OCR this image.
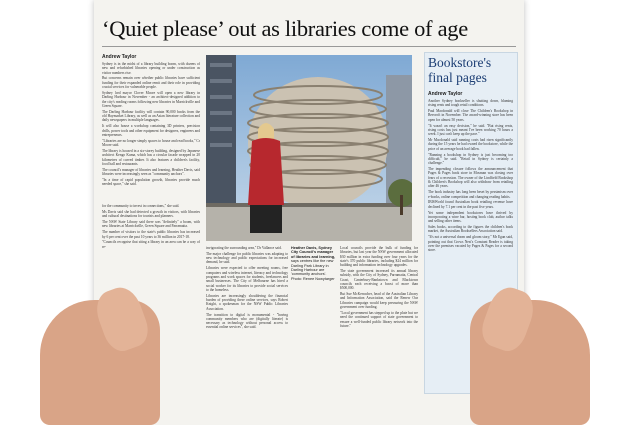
‘Quiet please’ out as libraries come of age
Andrew Taylor

Sydney is in the midst of a library building boom, with dozens of new and refurbished libraries opening or under construction as visitor numbers rise.

But concerns remain over whether public libraries have sufficient funding for their expanded online remit and their role in providing crucial services for vulnerable people.

Sydney lord mayor Clover Moore will open a new library in Darling Harbour in November - an architect-designed addition to the city's reading rooms following new libraries in Marrickville and Green Square.

The Darling Harbour facility will contain 90,000 books from the old Haymarket Library, as well as an Asian literature collection and daily newspapers in multiple languages.

It will also house a workshop containing 3D printers, precision drills, power tools and other equipment for designers, engineers and entrepreneurs.

"Libraries are no longer simply spaces to house and read books," Cr Moore said.

The library is housed in a six-storey building, designed by Japanese architect Kengo Kuma, which has a circular facade wrapped in 20 kilometres of curved timber. It also features a children's facility, food hall and restaurants.

The council's manager of libraries and learning, Heather Davis, said libraries were increasingly seen as "community anchors".

"In a time of rapid population growth, libraries provide much needed space," she said.

for the community to invest in connections," she said.

Ms Davis said she had detected a growth in visitors, with libraries and cultural destinations for tourists and planners.

The NSW State Library said there was "definitely" a boom, with new libraries at Marrickville, Green Square and Parramatta.

The number of visitors to the state's public libraries has increased by 6 per cent over the past 10 years to 36 million in 2017-18.

"Councils recognise that siting a library in an area can be a way of re-	invigorating the surrounding area," Dr Vallance said.

The major challenge for public libraries was adapting to new technology and public expectations for increased demand, he said.

Libraries were expected to offer meeting rooms, free computers and wireless internet, literacy and technology programs and work spaces for students, freelancers and small businesses. The City of Melbourne has hired a social worker for its libraries to provide social services to the homeless.

Libraries are increasingly shouldering the financial burden of providing these online services, says Robert Knight, a spokesman for the NSW Public Libraries Association.

The transition to digital is monumental - "having community members who are (digitally literate) is necessary as technology without personal access to essential online services", she said.

Heather Davis, Sydney City Council's manager of libraries and learning, says centres like the new Darling Park Library in Darling Harbour are 'community anchors'. Photo: Renee Nowytarger

Local councils provide the bulk of funding for libraries, but last year the NSW government allocated $30 million in extra funding over four years for the state's 370 public libraries, including $24 million for building and information technology upgrades.

The state government increased its annual library subsidy, with the City of Sydney, Parramatta, Central Coast, Canterbury-Bankstown and Blacktown councils each receiving a boost of more than $500,000.

But Sue McKerracher, head of the Australian Library and Information Association, said the Renew Our Libraries campaign would keep pressuring the NSW government over funding.

"Local government has stepped up to the plate but we need the continued support of state government to ensure a well-funded public library network into the future."

Bookstore's final pages
Andrew Taylor

Another Sydney bookseller is shutting down, blaming rising rents and tough retail conditions.

Paul Macdonald will close The Children's Bookshop in Beecroft in November. The award-winning store has been open for almost 50 years.

"It wasn't an easy decision," he said. "But rising rents, rising costs has just meant I've been working 70 hours a week. I just can't keep up the pace."

Mr Macdonald said running costs had risen significantly during the 15 years he had owned the bookstore, while the price of an average book had fallen.

"Running a bookshop in Sydney is just becoming too difficult," he said. "Retail in Sydney is certainly a challenge."

The impending closure follows the announcement that Pages & Pages book store in Mosman was closing over fears of a recession. The owner of the Lindfield Bookshop & Children's Bookshop will also withdraw from retailing after 46 years.

The book industry has long been beset by pessimism over e-books, online competition and changing reading habits.

IBISWorld found Australian book retailing revenue have declined by 7.1 per cent in the past five years.

Yet some independent bookstores have thrived by incorporating a wine bar, hosting book club, author talks and selling other items.

Sales books, according to the figures the children's book market, the Australian Booksellers Association said.

"It's not a universal doom and gloom story," Mr Egan said, pointing out that Crows Nest's Constant Reader is taking over the premises vacated by Pages & Pages for a second store.
